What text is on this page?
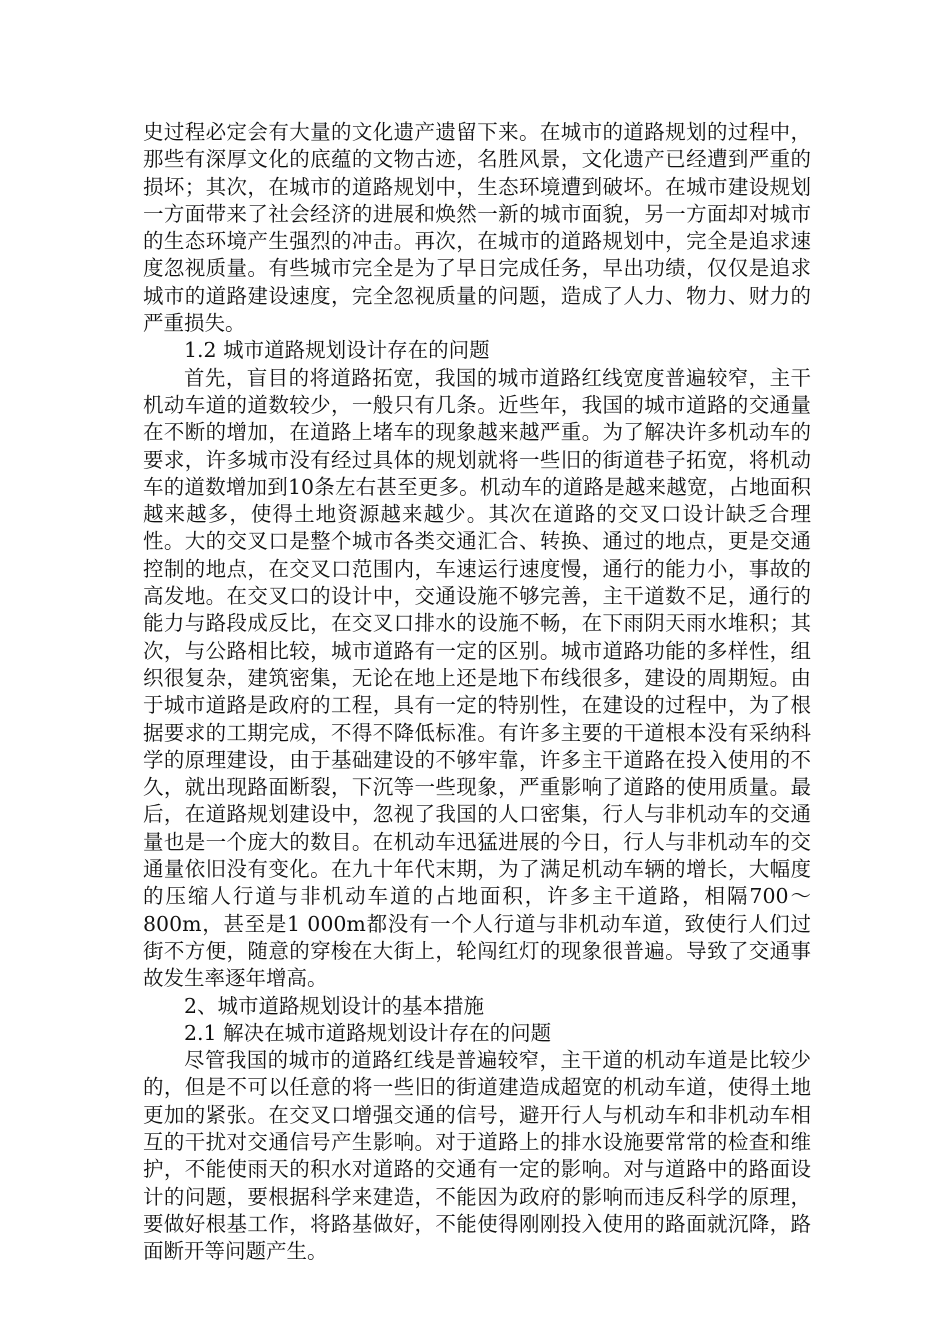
史过程必定会有大量的文化遗产遗留下来。在城市的道路规划的过程中，那些有深厚文化的底蕴的文物古迹，名胜风景，文化遗产已经遭到严重的损坏；其次，在城市的道路规划中，生态环境遭到破坏。在城市建设规划一方面带来了社会经济的进展和焕然一新的城市面貌，另一方面却对城市的生态环境产生强烈的冲击。再次，在城市的道路规划中，完全是追求速度忽视质量。有些城市完全是为了早日完成任务，早出功绩，仅仅是追求城市的道路建设速度，完全忽视质量的问题，造成了人力、物力、财力的严重损失。

1.2 城市道路规划设计存在的问题

首先，盲目的将道路拓宽，我国的城市道路红线宽度普遍较窄，主干机动车道的道数较少，一般只有几条。近些年，我国的城市道路的交通量在不断的增加，在道路上堵车的现象越来越严重。为了解决许多机动车的要求，许多城市没有经过具体的规划就将一些旧的街道巷子拓宽，将机动车的道数增加到10条左右甚至更多。机动车的道路是越来越宽，占地面积越来越多，使得土地资源越来越少。其次在道路的交叉口设计缺乏合理性。大的交叉口是整个城市各类交通汇合、转换、通过的地点，更是交通控制的地点，在交叉口范围内，车速运行速度慢，通行的能力小，事故的高发地。在交叉口的设计中，交通设施不够完善，主干道数不足，通行的能力与路段成反比，在交叉口排水的设施不畅，在下雨阴天雨水堆积；其次，与公路相比较，城市道路有一定的区别。城市道路功能的多样性，组织很复杂，建筑密集，无论在地上还是地下布线很多，建设的周期短。由于城市道路是政府的工程，具有一定的特别性，在建设的过程中，为了根据要求的工期完成，不得不降低标准。有许多主要的干道根本没有采纳科学的原理建设，由于基础建设的不够牢靠，许多主干道路在投入使用的不久，就出现路面断裂，下沉等一些现象，严重影响了道路的使用质量。最后，在道路规划建设中，忽视了我国的人口密集，行人与非机动车的交通量也是一个庞大的数目。在机动车迅猛进展的今日，行人与非机动车的交通量依旧没有变化。在九十年代末期，为了满足机动车辆的增长，大幅度的压缩人行道与非机动车道的占地面积，许多主干道路，相隔700～800m，甚至是1 000m都没有一个人行道与非机动车道，致使行人们过街不方便，随意的穿梭在大街上，轮闯红灯的现象很普遍。导致了交通事故发生率逐年增高。

2、城市道路规划设计的基本措施

2.1 解决在城市道路规划设计存在的问题

尽管我国的城市的道路红线是普遍较窄，主干道的机动车道是比较少的，但是不可以任意的将一些旧的街道建造成超宽的机动车道，使得土地更加的紧张。在交叉口增强交通的信号，避开行人与机动车和非机动车相互的干扰对交通信号产生影响。对于道路上的排水设施要常常的检查和维护，不能使雨天的积水对道路的交通有一定的影响。对与道路中的路面设计的问题，要根据科学来建造，不能因为政府的影响而违反科学的原理，要做好根基工作，将路基做好，不能使得刚刚投入使用的路面就沉降，路面断开等问题产生。
